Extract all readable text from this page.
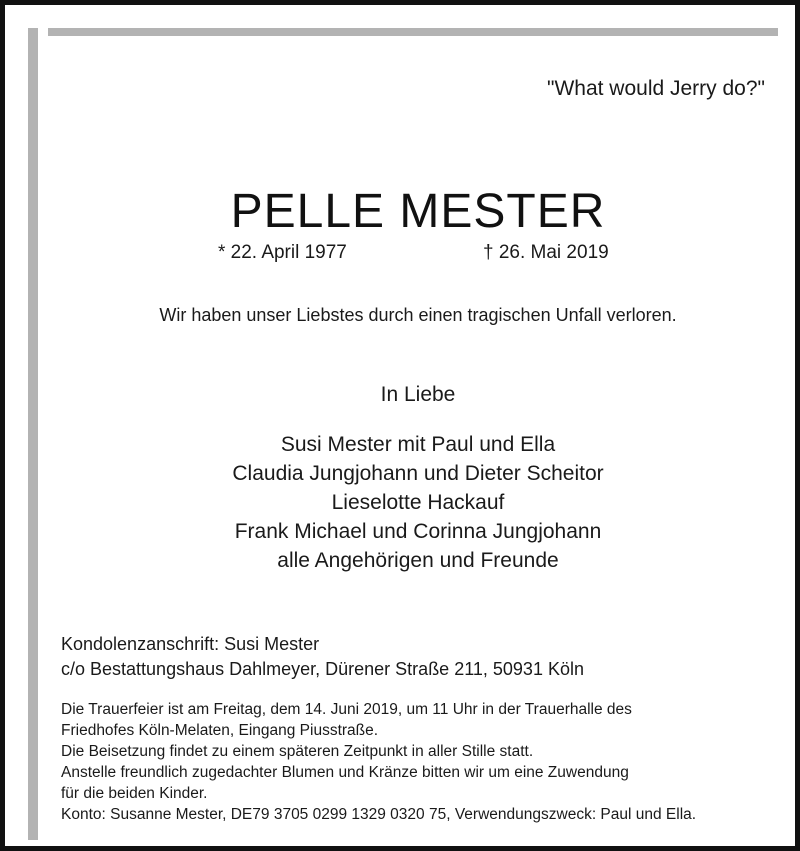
"What would Jerry do?"
PELLE MESTER
* 22. April 1977	† 26. Mai 2019
Wir haben unser Liebstes durch einen tragischen Unfall verloren.
In Liebe
Susi Mester mit Paul und Ella
Claudia Jungjohann und Dieter Scheitor
Lieselotte Hackauf
Frank Michael und Corinna Jungjohann
alle Angehörigen und Freunde
Kondolenzanschrift: Susi Mester
c/o Bestattungshaus Dahlmeyer, Dürener Straße 211, 50931 Köln
Die Trauerfeier ist am Freitag, dem 14. Juni 2019, um 11 Uhr in der Trauerhalle des
Friedhofes Köln-Melaten, Eingang Piusstraße.
Die Beisetzung findet zu einem späteren Zeitpunkt in aller Stille statt.
Anstelle freundlich zugedachter Blumen und Kränze bitten wir um eine Zuwendung
für die beiden Kinder.
Konto: Susanne Mester, DE79 3705 0299 1329 0320 75, Verwendungszweck: Paul und Ella.
